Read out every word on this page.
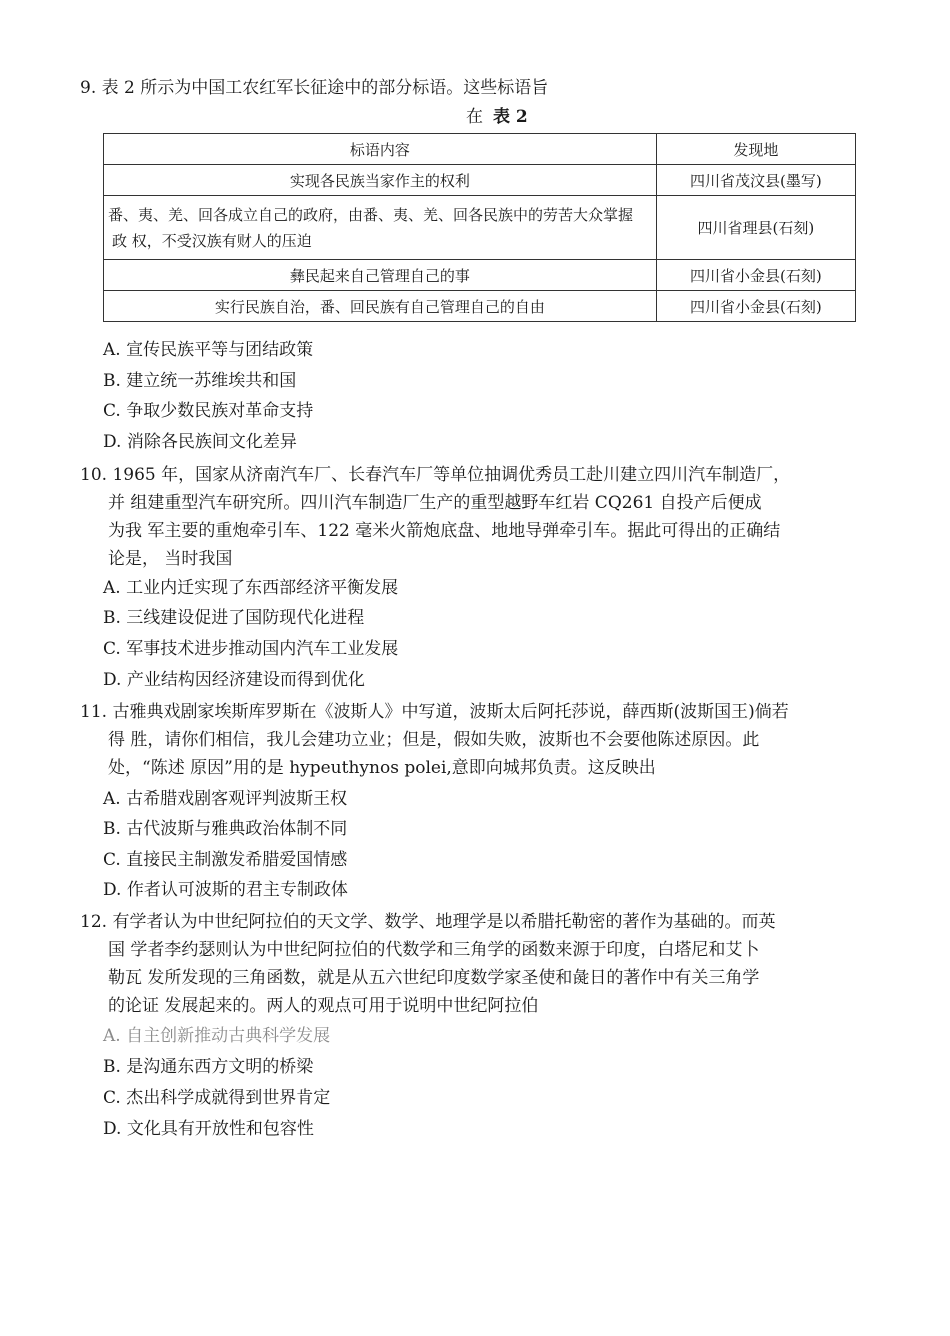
9. 表 2 所示为中国工农红军长征途中的部分标语。这些标语旨
在 表 2
标语内容	发现地
实现各民族当家作主的权利	四川省茂汶县(墨写)

番、夷、羌、回各成立自己的政府，由番、夷、羌、回各民族中的劳苦大众掌握
政 权，不受汉族有财人的压迫	四川省理县(石刻)
彝民起来自己管理自己的事	四川省小金县(石刻)
实行民族自治，番、回民族有自己管理自己的自由	四川省小金县(石刻)
A. 宣传民族平等与团结政策
B. 建立统一苏维埃共和国
C. 争取少数民族对革命支持
D. 消除各民族间文化差异
10. 1965 年，国家从济南汽车厂、长春汽车厂等单位抽调优秀员工赴川建立四川汽车制造厂，
并 组建重型汽车研究所。四川汽车制造厂生产的重型越野车红岩 CQ261 自投产后便成
为我 军主要的重炮牵引车、122 毫米火箭炮底盘、地地导弹牵引车。据此可得出的正确结
论是， 当时我国
A. 工业内迁实现了东西部经济平衡发展
B. 三线建设促进了国防现代化进程
C. 军事技术进步推动国内汽车工业发展
D. 产业结构因经济建设而得到优化
11. 古雅典戏剧家埃斯库罗斯在《波斯人》中写道，波斯太后阿托莎说，薛西斯(波斯国王)倘若
得 胜，请你们相信，我儿会建功立业；但是，假如失败，波斯也不会要他陈述原因。此
处，“陈述 原因”用的是 hypeuthynos polei,意即向城邦负责。这反映出
A. 古希腊戏剧客观评判波斯王权
B. 古代波斯与雅典政治体制不同
C. 直接民主制激发希腊爱国情感
D. 作者认可波斯的君主专制政体
12. 有学者认为中世纪阿拉伯的天文学、数学、地理学是以希腊托勒密的著作为基础的。而英
国 学者李约瑟则认为中世纪阿拉伯的代数学和三角学的函数来源于印度，白塔尼和艾卜
勒瓦 发所发现的三角函数，就是从五六世纪印度数学家圣使和彘日的著作中有关三角学
的论证 发展起来的。两人的观点可用于说明中世纪阿拉伯
A. 自主创新推动古典科学发展
B. 是沟通东西方文明的桥梁
C. 杰出科学成就得到世界肯定
D. 文化具有开放性和包容性
